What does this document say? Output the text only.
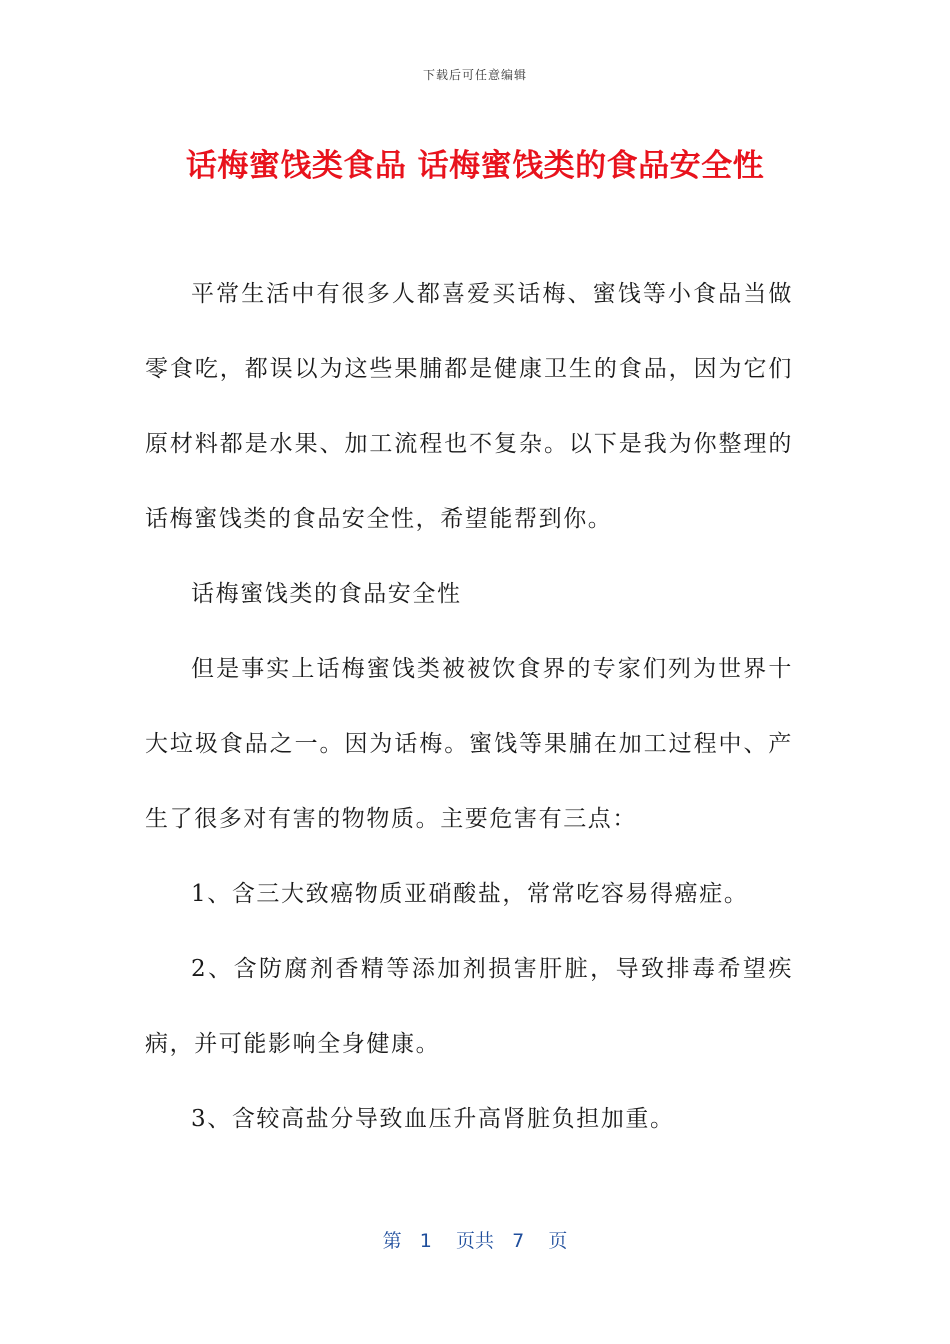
下载后可任意编辑
话梅蜜饯类食品 话梅蜜饯类的食品安全性

平常生活中有很多人都喜爱买话梅、蜜饯等小食品当做零食吃，都误以为这些果脯都是健康卫生的食品，因为它们原材料都是水果、加工流程也不复杂。以下是我为你整理的话梅蜜饯类的食品安全性，希望能帮到你。

话梅蜜饯类的食品安全性

但是事实上话梅蜜饯类被被饮食界的专家们列为世界十大垃圾食品之一。因为话梅。蜜饯等果脯在加工过程中、产生了很多对有害的物物质。主要危害有三点：

1、含三大致癌物质亚硝酸盐，常常吃容易得癌症。

2、含防腐剂香精等添加剂损害肝脏，导致排毒希望疾病，并可能影响全身健康。

3、含较高盐分导致血压升高肾脏负担加重。

第 1 页共 7 页
